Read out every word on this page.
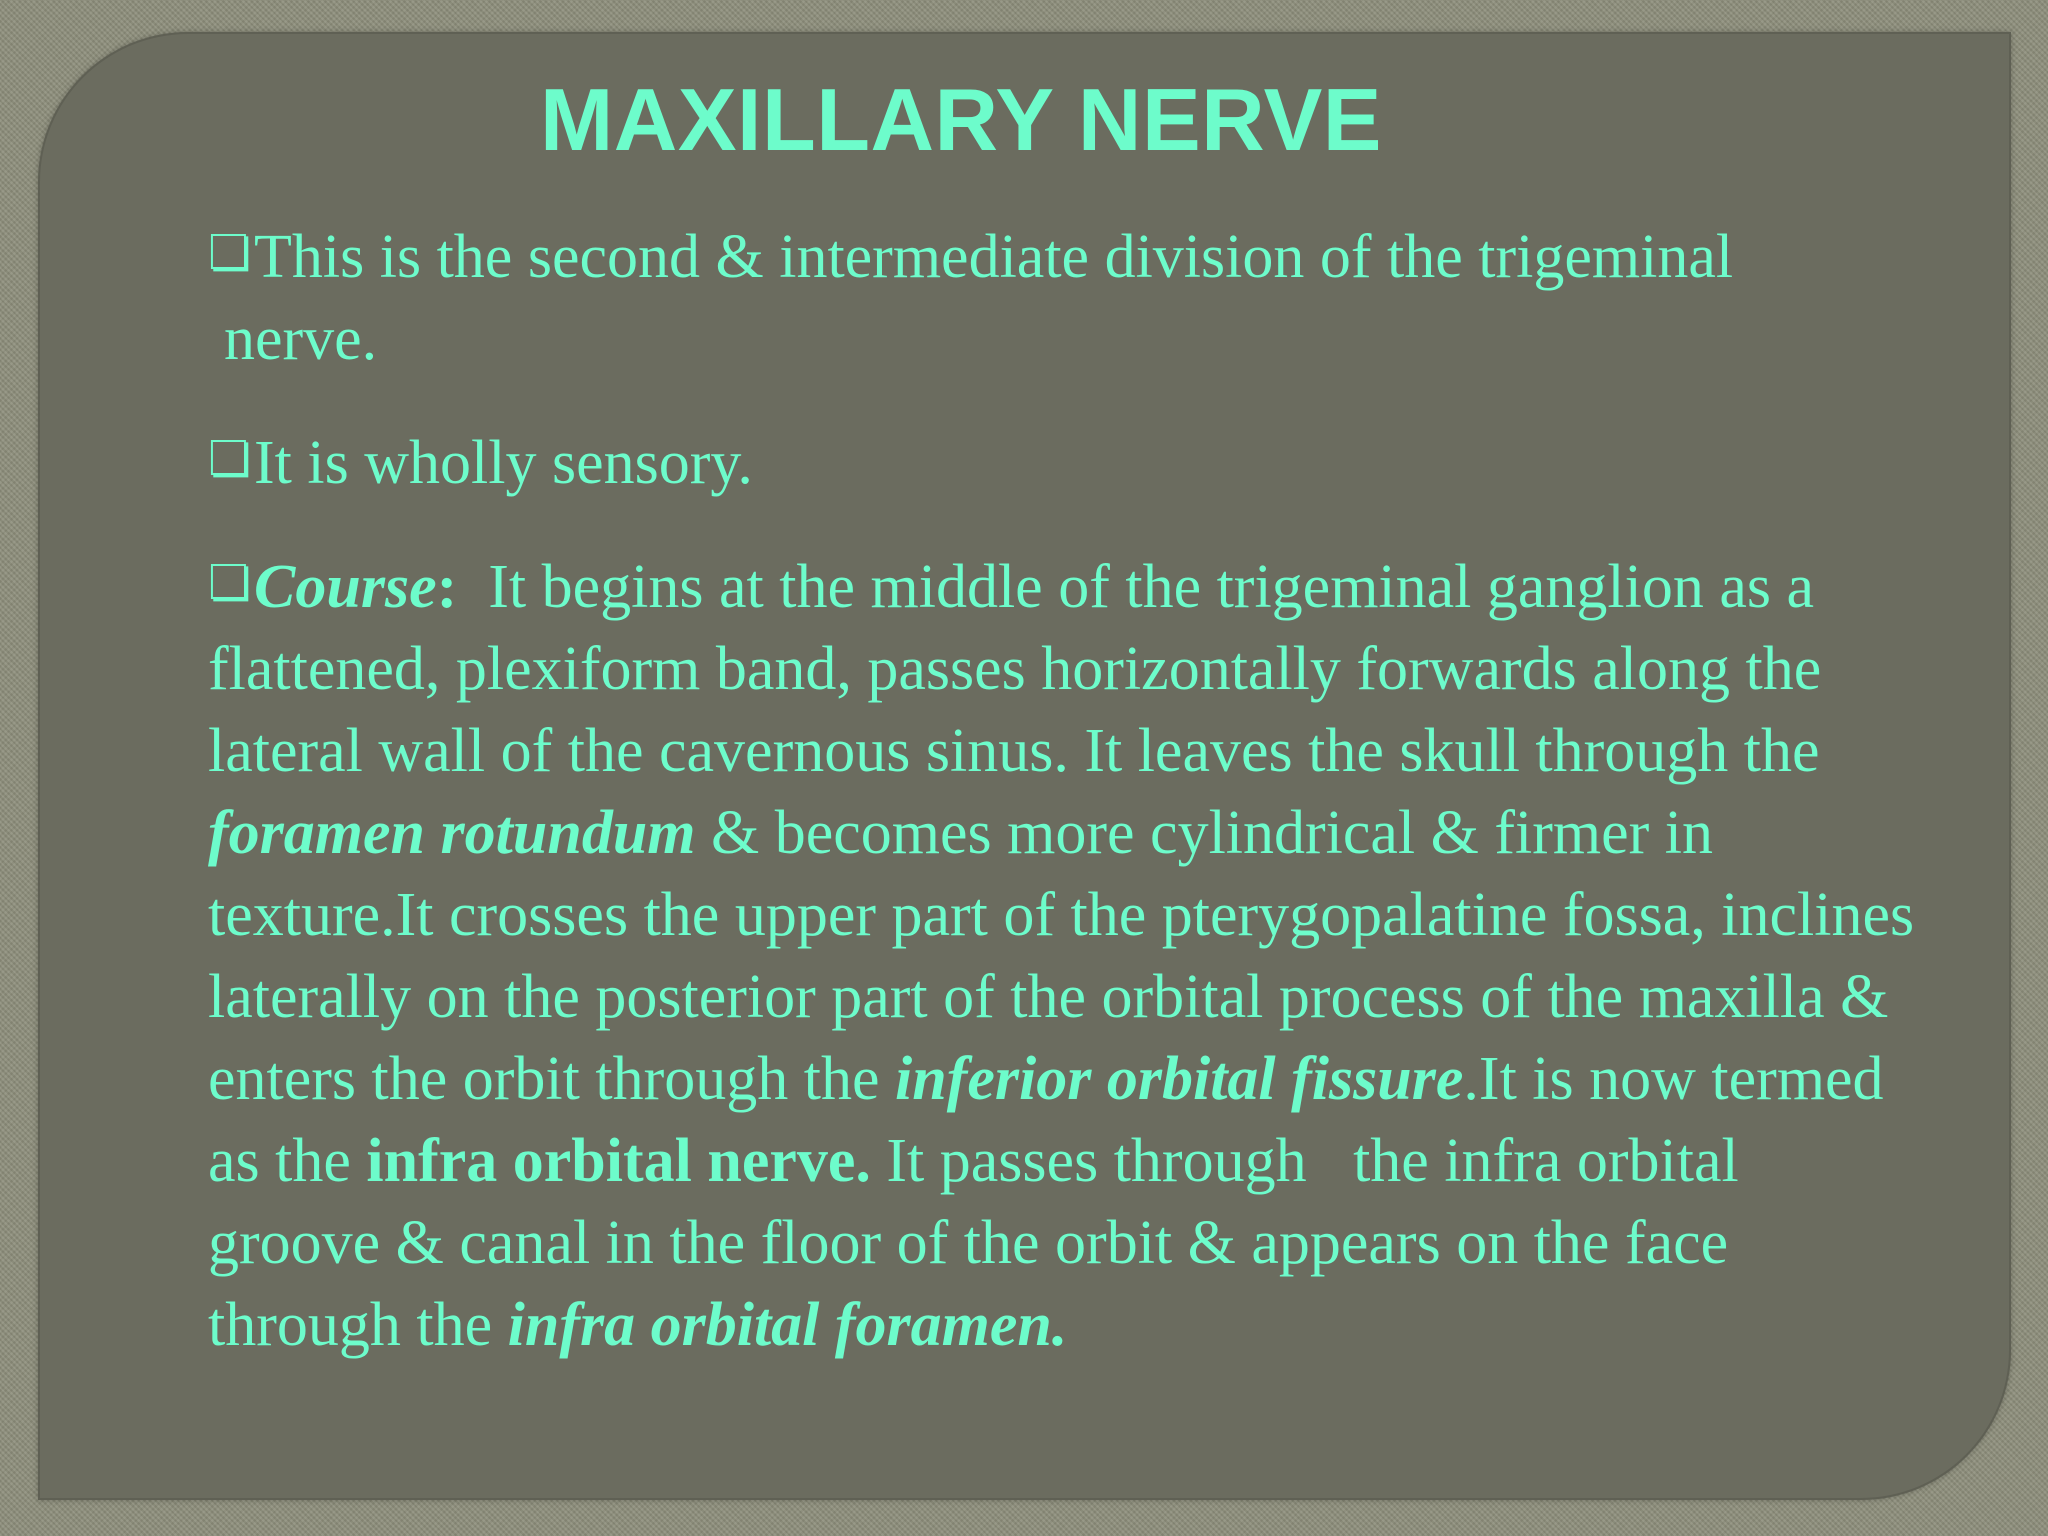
MAXILLARY NERVE

❏This is the second & intermediate division of the trigeminal
nerve.

❏It is wholly sensory.

❏Course:  It begins at the middle of the trigeminal ganglion as a flattened, plexiform band, passes horizontally forwards along the lateral wall of the cavernous sinus. It leaves the skull through the  foramen rotundum & becomes more cylindrical & firmer in texture.It crosses the upper part of the pterygopalatine fossa, inclines laterally on the posterior part of the orbital process of the maxilla & enters the orbit through the inferior orbital fissure.It is now termed as the infra orbital nerve. It passes through   the infra orbital groove & canal in the floor of the orbit & appears on the face through the infra orbital foramen.
